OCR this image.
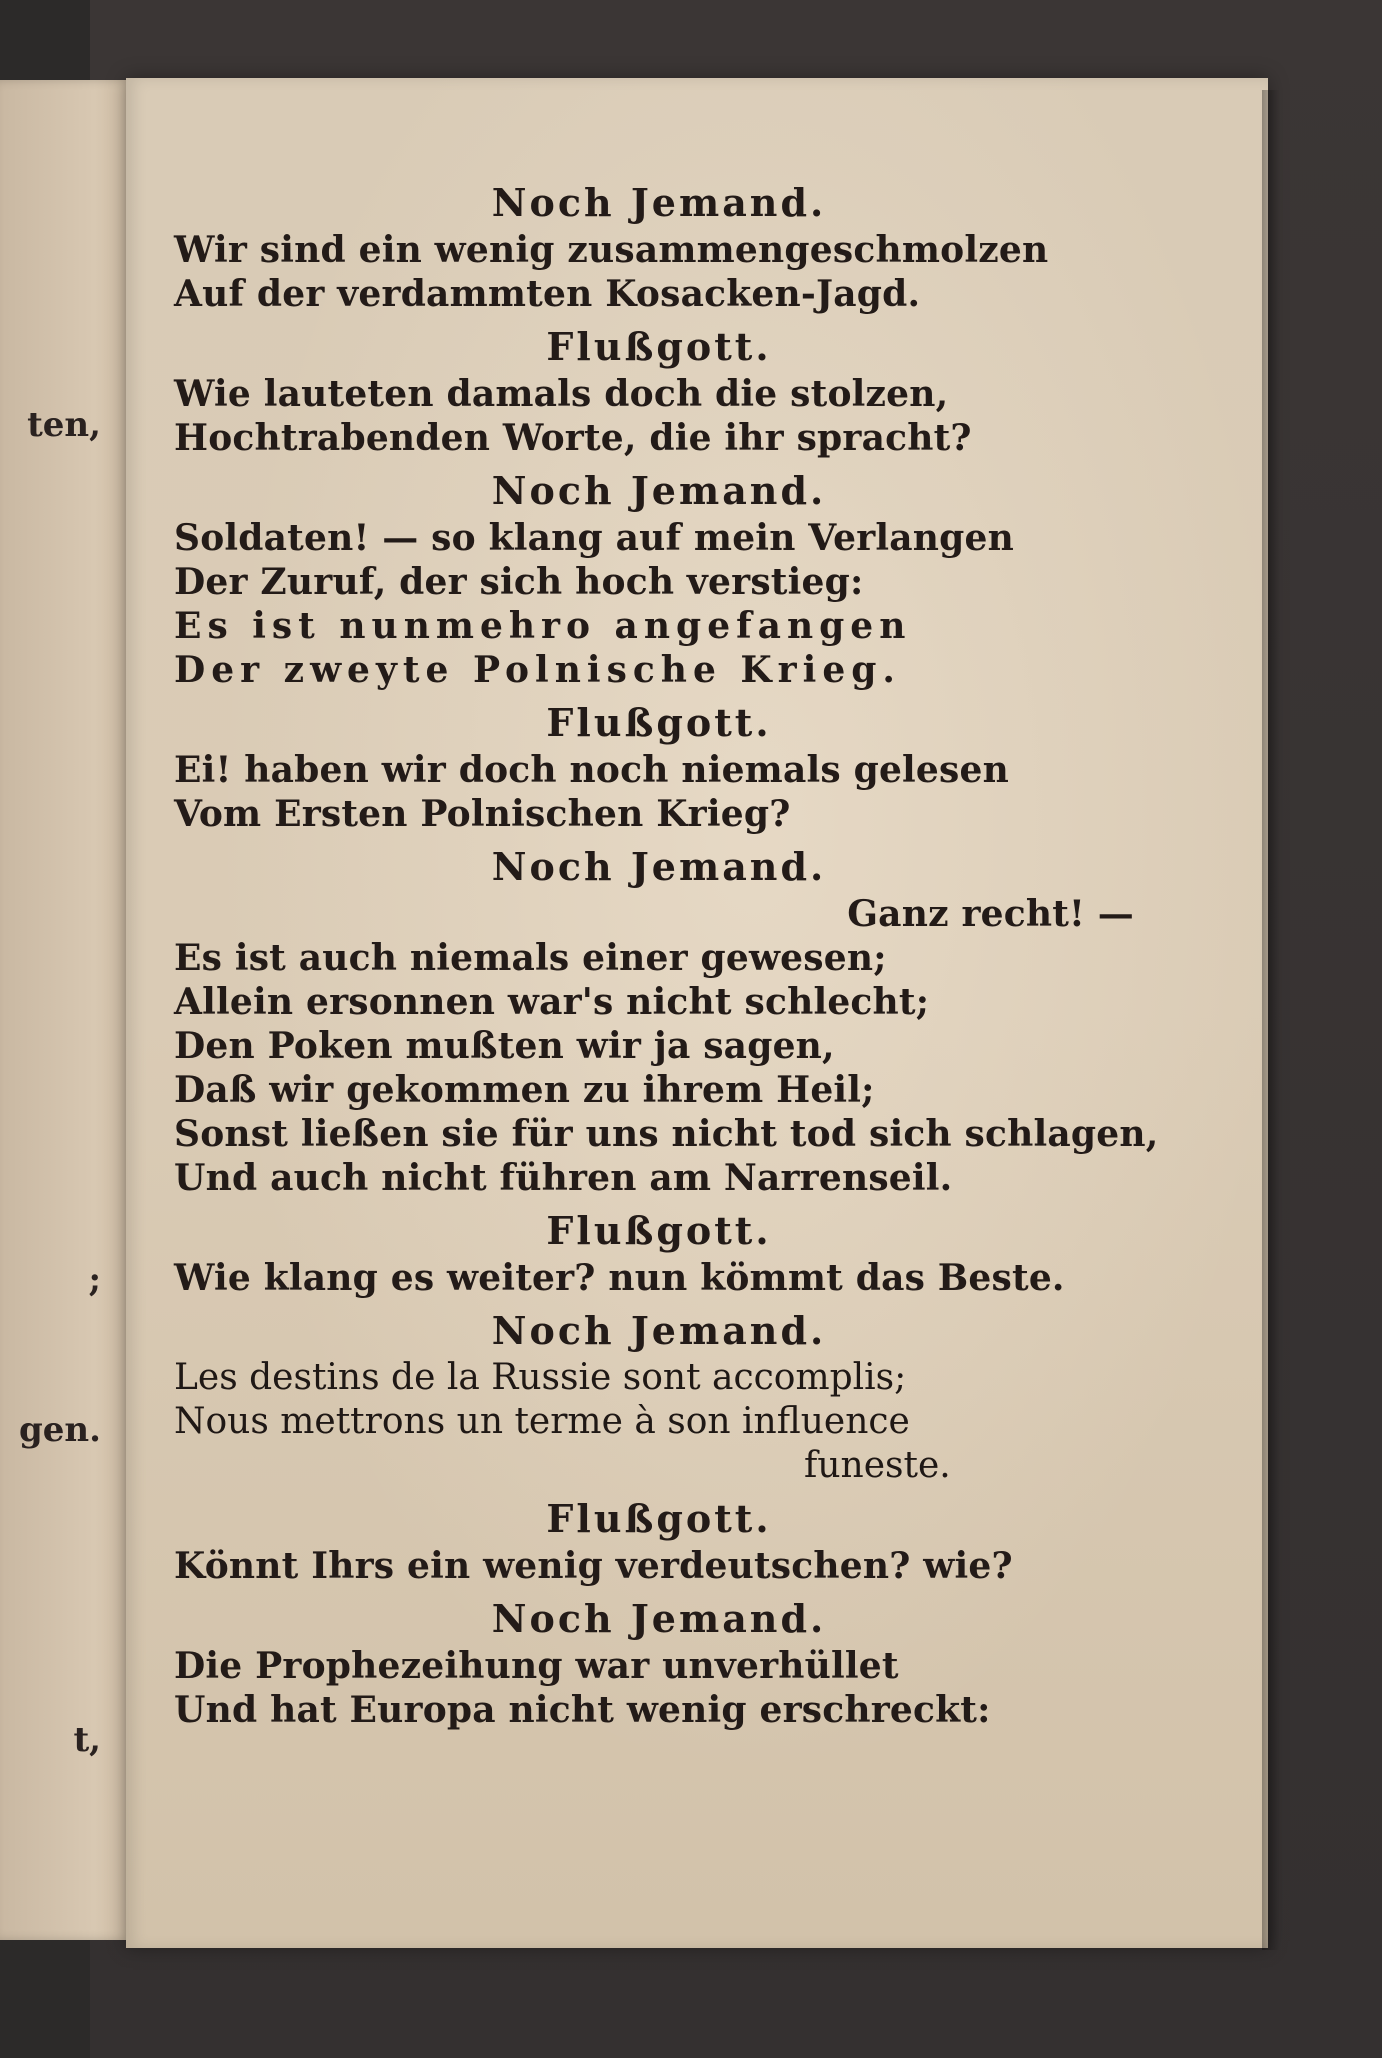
ten,
;
gen.
t,
Noch Jemand.
Wir sind ein wenig zusammengeschmolzen
Auf der verdammten Kosacken-Jagd.
Flußgott.
Wie lauteten damals doch die stolzen,
Hochtrabenden Worte, die ihr spracht?
Noch Jemand.
Soldaten! — so klang auf mein Verlangen
Der Zuruf, der sich hoch verstieg:
Es ist nunmehro angefangen
Der zweyte Polnische Krieg.
Flußgott.
Ei! haben wir doch noch niemals gelesen
Vom Ersten Polnischen Krieg?
Noch Jemand.
Ganz recht! —
Es ist auch niemals einer gewesen;
Allein ersonnen war's nicht schlecht;
Den Poken mußten wir ja sagen,
Daß wir gekommen zu ihrem Heil;
Sonst ließen sie für uns nicht tod sich schlagen,
Und auch nicht führen am Narrenseil.
Flußgott.
Wie klang es weiter? nun kömmt das Beste.
Noch Jemand.
Les destins de la Russie sont accomplis;
Nous mettrons un terme à son influence
funeste.
Flußgott.
Könnt Ihrs ein wenig verdeutschen? wie?
Noch Jemand.
Die Prophezeihung war unverhüllet
Und hat Europa nicht wenig erschreckt:
